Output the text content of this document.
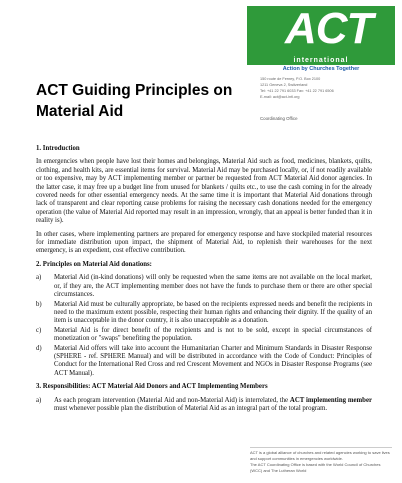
ACT
international
Action by Churches Together
150 route de Ferney, P.O. Box 2100
1211 Geneva 2, Switzerland
Tel: +41 22 791 6033 Fax: +41 22 791 6506
E-mail: act@act-intl.org
Coordinating Office
ACT Guiding Principles on Material Aid
1. Introduction

In emergencies when people have lost their homes and belongings, Material Aid such as food, medicines, blankets, quilts, clothing, and health kits, are essential items for survival. Material Aid may be purchased locally, or, if not readily available or too expensive, may by ACT implementing member or partner be requested from ACT Material Aid donor agencies. In the latter case, it may free up a budget line from unused for blankets / quilts etc., to use the cash coming in for the already covered needs for other essential emergency needs. At the same time it is important that Material Aid donations through lack of transparent and clear reporting cause problems for raising the necessary cash donations needed for the emergency operation (the value of Material Aid reported may result in an impression, wrongly, that an appeal is better funded than it in reality is).

In other cases, where implementing partners are prepared for emergency response and have stockpiled material resources for immediate distribution upon impact, the shipment of Material Aid, to replenish their warehouses for the next emergency, is an expedient, cost effective contribution.

2. Principles on Material Aid donations:
a)	Material Aid (in-kind donations) will only be requested when the same items are not available on the local market, or, if they are, the ACT implementing member does not have the funds to purchase them or there are other special circumstances.
b)	Material Aid must be culturally appropriate, be based on the recipients expressed needs and benefit the recipients in need to the maximum extent possible, respecting their human rights and enhancing their dignity. If the quality of an item is unacceptable in the donor country, it is also unacceptable as a donation.
c)	Material Aid is for direct benefit of the recipients and is not to be sold, except in special circumstances of monetization or "swaps" benefiting the population.
d)	Material Aid offers will take into account the Humanitarian Charter and Minimum Standards in Disaster Response (SPHERE - ref. SPHERE Manual) and will be distributed in accordance with the Code of Conduct: Principles of Conduct for the International Red Cross and red Crescent Movement and NGOs in Disaster Response Programs (see ACT Manual).
3. Responsibilities: ACT Material Aid Donors and ACT Implementing Members
a)	As each program intervention (Material Aid and non-Material Aid) is interrelated, the ACT implementing member must whenever possible plan the distribution of Material Aid as an integral part of the total program.
ACT is a global alliance of churches and related agencies working to save lives and support communities in emergencies worldwide.
The ACT Coordinating Office is based with the World Council of Churches (WCC) and The Lutheran World
